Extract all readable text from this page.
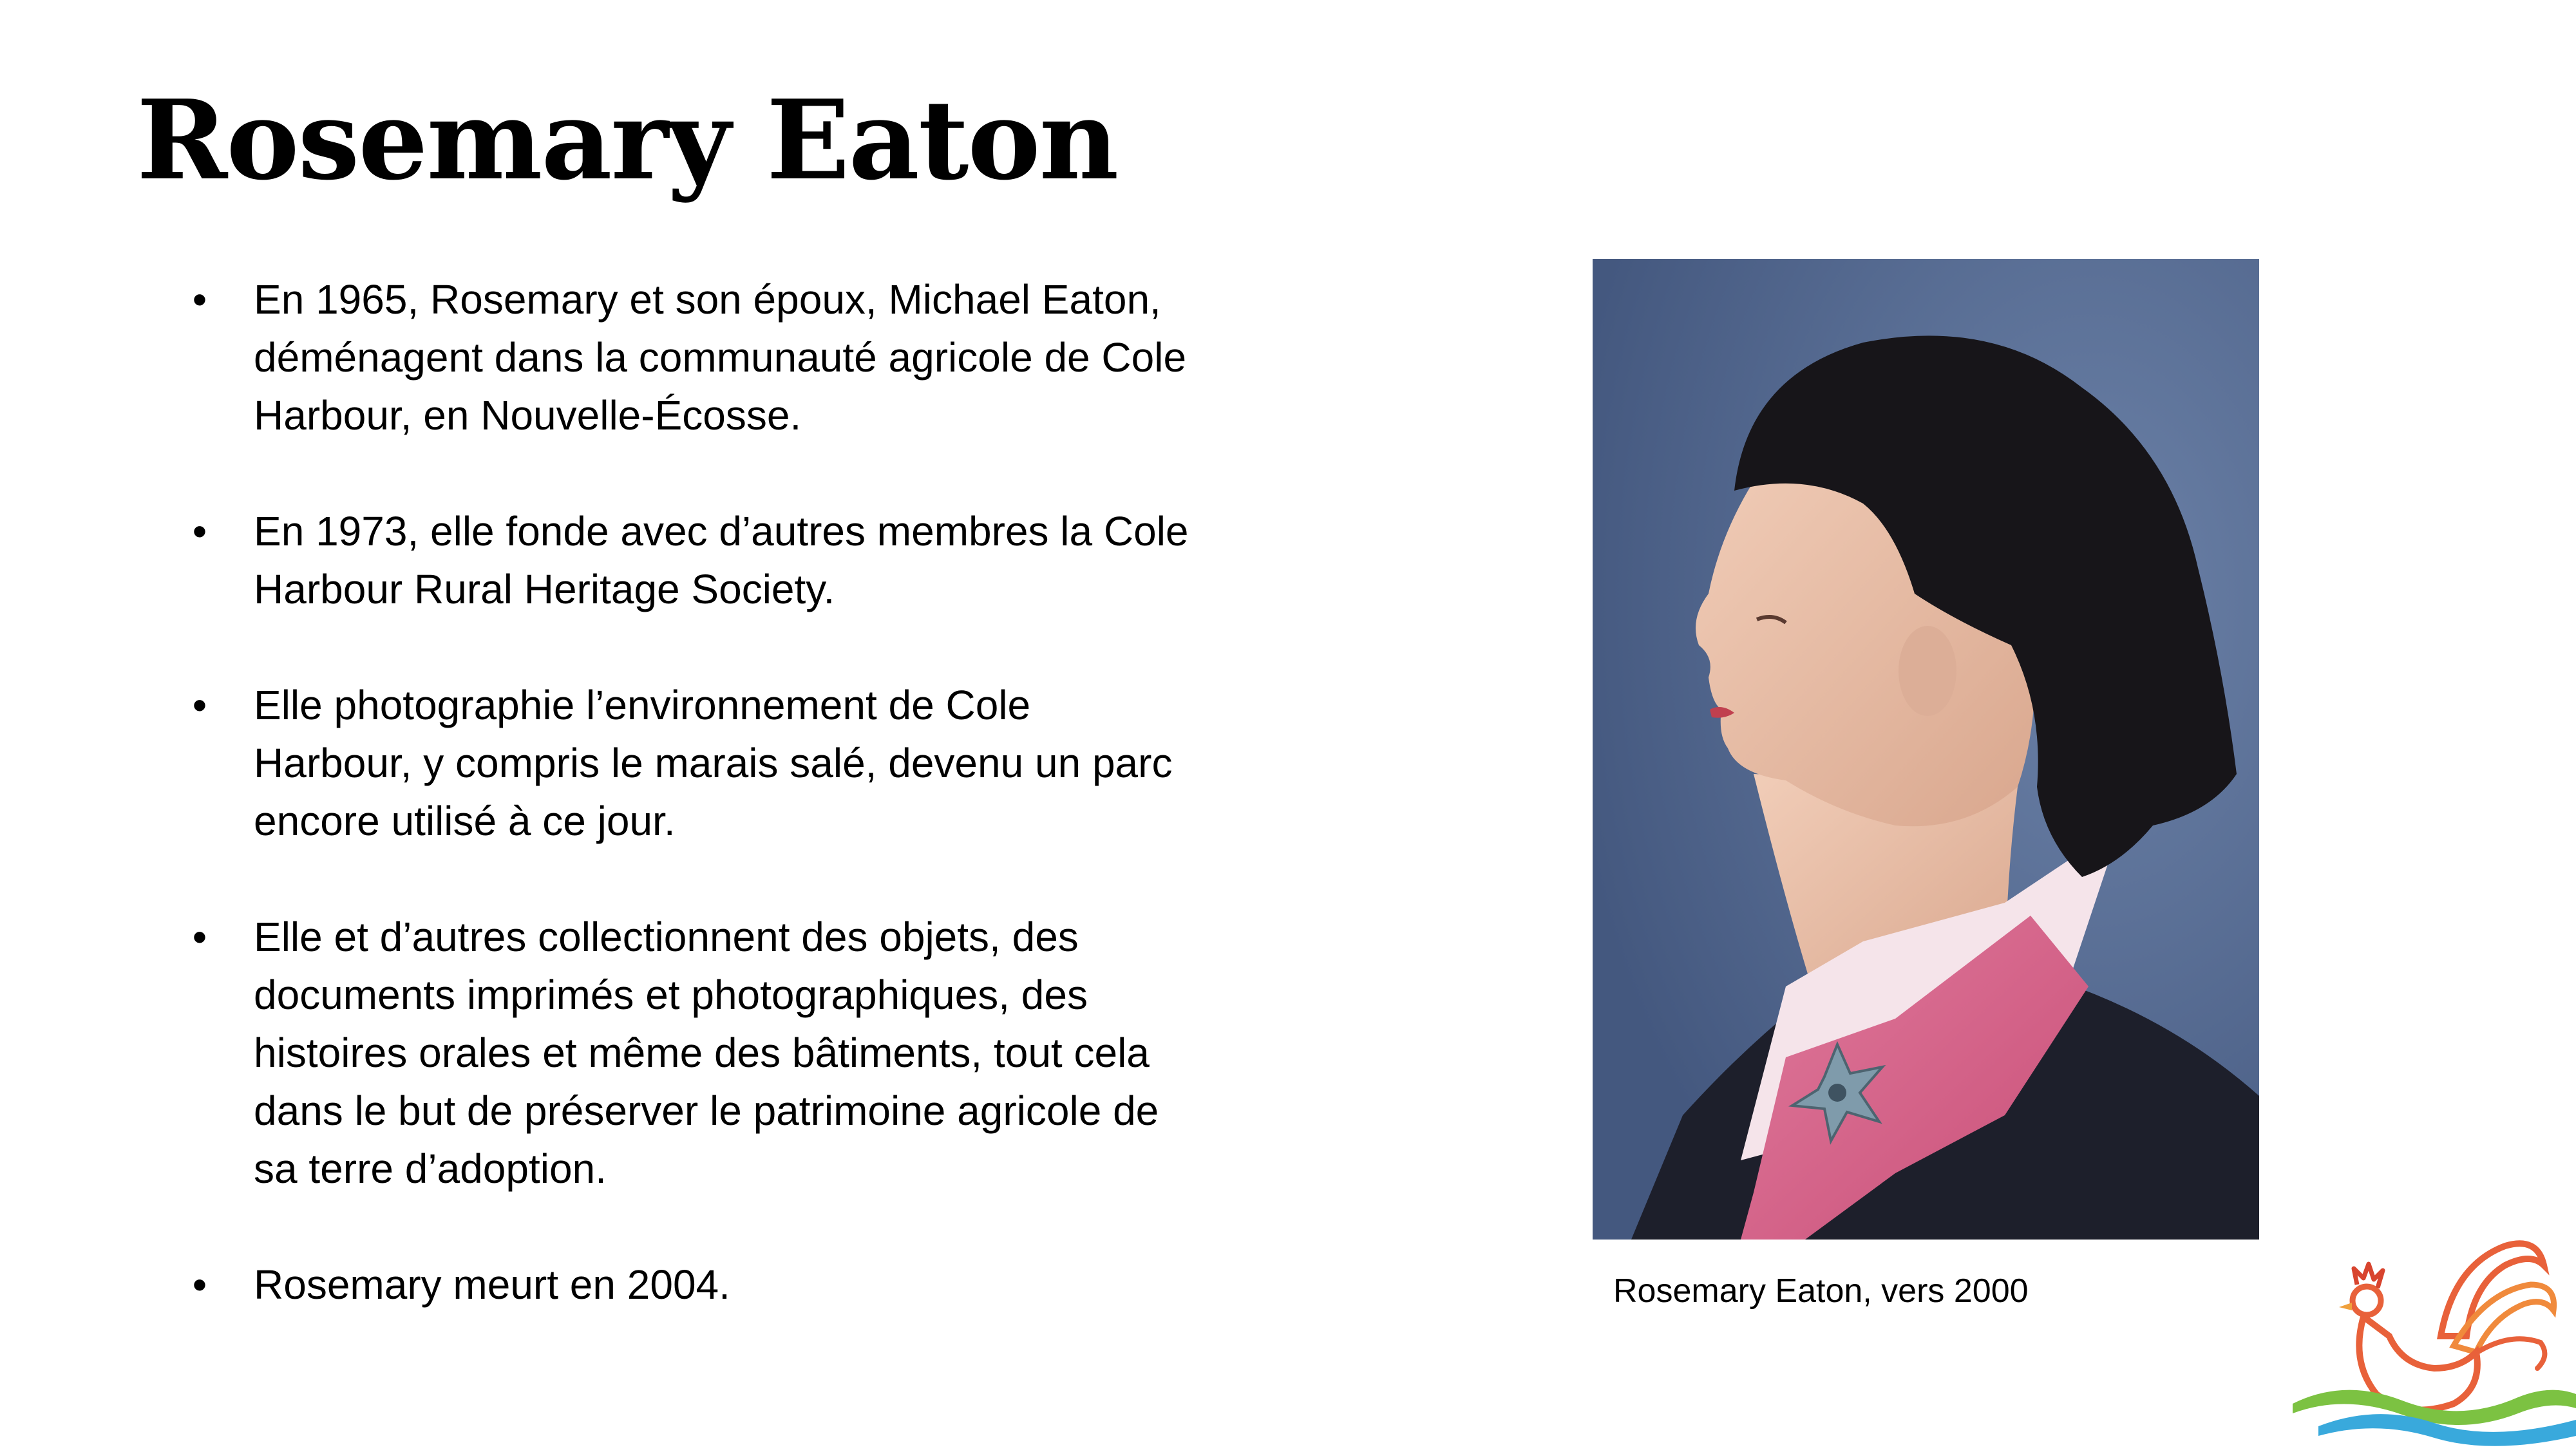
Rosemary Eaton
• En 1965, Rosemary et son époux, Michael Eaton,
déménagent dans la communauté agricole de Cole
Harbour, en Nouvelle-Écosse.
• En 1973, elle fonde avec d’autres membres la Cole
Harbour Rural Heritage Society.
• Elle photographie l’environnement de Cole
Harbour, y compris le marais salé, devenu un parc
encore utilisé à ce jour.
• Elle et d’autres collectionnent des objets, des
documents imprimés et photographiques, des
histoires orales et même des bâtiments, tout cela
dans le but de préserver le patrimoine agricole de
sa terre d’adoption.
• Rosemary meurt en 2004.	Rosemary Eaton, vers 2000
